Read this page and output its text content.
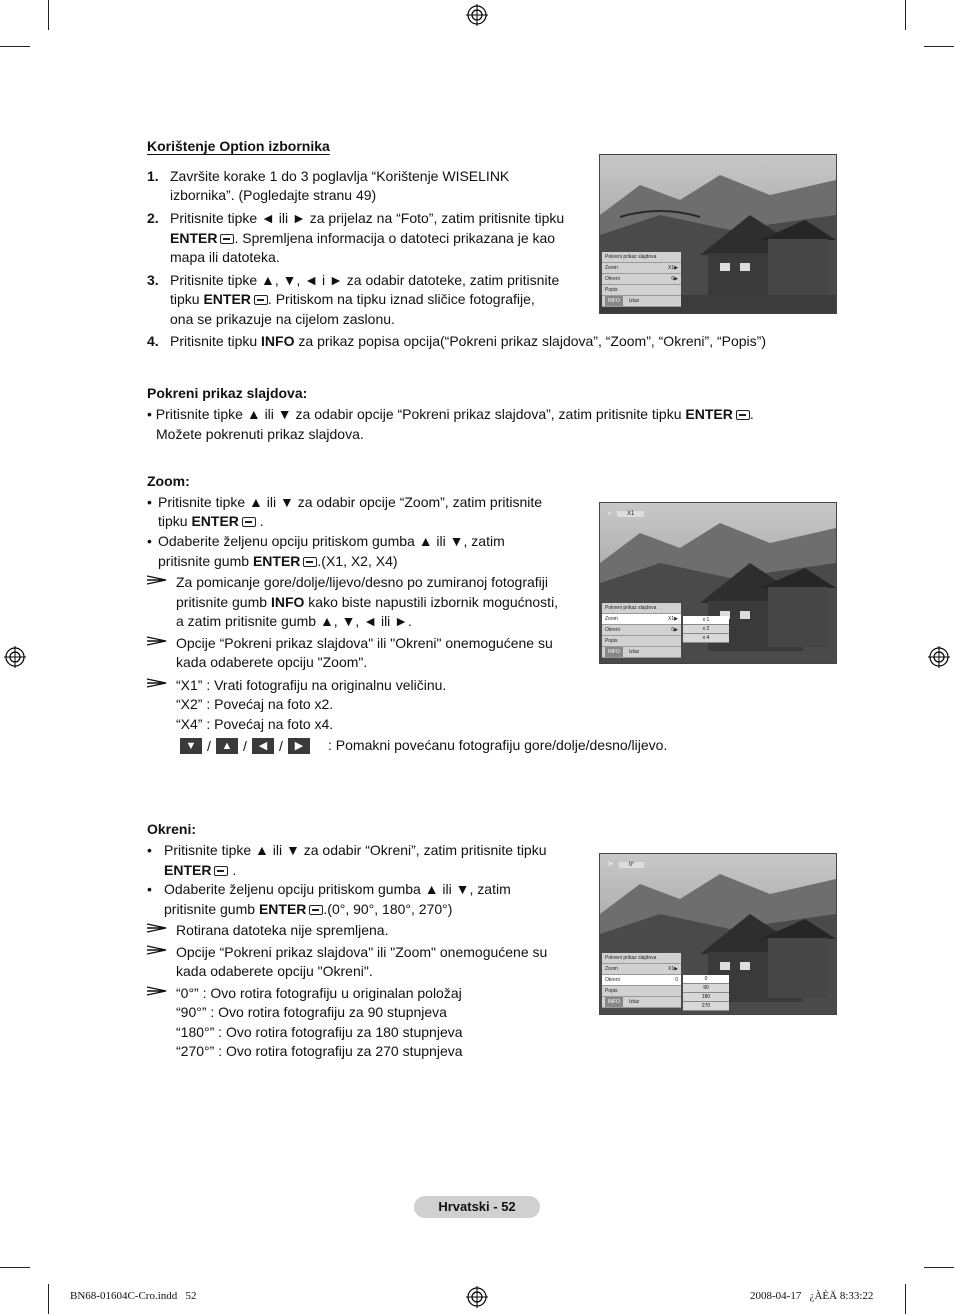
Korištenje Option izbornika
1. Završite korake 1 do 3 poglavlja “Korištenje WISELINK
izbornika”. (Pogledajte stranu 49)
2. Pritisnite tipke ◄ ili ► za prijelaz na “Foto”, zatim pritisnite tipku
ENTER . Spremljena informacija o datoteci prikazana je kao
mapa ili datoteka.
3. Pritisnite tipke ▲, ▼, ◄ i ► za odabir datoteke, zatim pritisnite
tipku ENTER . Pritiskom na tipku iznad sličice fotografije,
ona se prikazuje na cijelom zaslonu.
4. Pritisnite tipku INFO za prikaz popisa opcija(“Pokreni prikaz slajdova”, “Zoom”, “Okreni”, “Popis”)
Pokreni prikaz slajdova:
• Pritisnite tipke ▲ ili ▼ za odabir opcije “Pokreni prikaz slajdova”, zatim pritisnite tipku ENTER .
Možete pokrenuti prikaz slajdova.
Zoom:
• Pritisnite tipke ▲ ili ▼ za odabir opcije “Zoom”, zatim pritisnite
tipku ENTER .
• Odaberite željenu opciju pritiskom gumba ▲ ili ▼, zatim
pritisnite gumb ENTER .(X1, X2, X4)
Za pomicanje gore/dolje/lijevo/desno po zumiranoj fotografiji
pritisnite gumb INFO kako biste napustili izbornik mogućnosti,
a zatim pritisnite gumb ▲, ▼, ◄ ili ►.
Opcije “Pokreni prikaz slajdova" ili "Okreni" onemogućene su
kada odaberete opciju "Zoom".
“X1” : Vrati fotografiju na originalnu veličinu.
“X2” : Povećaj na foto x2.
“X4” : Povećaj na foto x4.
▼ / ▲ /	◀ /	▶	: Pomakni povećanu fotografiju gore/dolje/desno/lijevo.
Okreni:
• Pritisnite tipke ▲ ili ▼ za odabir “Okreni”, zatim pritisnite tipku
ENTER .
• Odaberite željenu opciju pritiskom gumba ▲ ili ▼, zatim
pritisnite gumb ENTER .(0°, 90°, 180°, 270°)
Rotirana datoteka nije spremljena.
Opcije “Pokreni prikaz slajdova" ili "Zoom" onemogućene su
kada odaberete opciju "Okreni".
“0°” : Ovo rotira fotografiju u originalan položaj
“90°” : Ovo rotira fotografiju za 90 stupnjeva
“180°” : Ovo rotira fotografiju za 180 stupnjeva
“270°” : Ovo rotira fotografiju za 270 stupnjeva
Pokreni prikaz slajdova
Zoom	X1▶
Okreni	0▶
Popis
INFO	Izlaz
⌕	X1
Pokreni prikaz slajdova
Zoom	X1▶
Okreni	0▶
Popis
INFO	Izlaz
x 1
x 2
x 4
⟳	0°
Pokreni prikaz slajdova
Zoom	X1▶
Okreni	0
Popis
INFO	Izlaz
0
90
180
270
Hrvatski - 52
BN68-01604C-Cro.indd   52	2008-04-17   ¿ÀÈÄ 8:33:22
